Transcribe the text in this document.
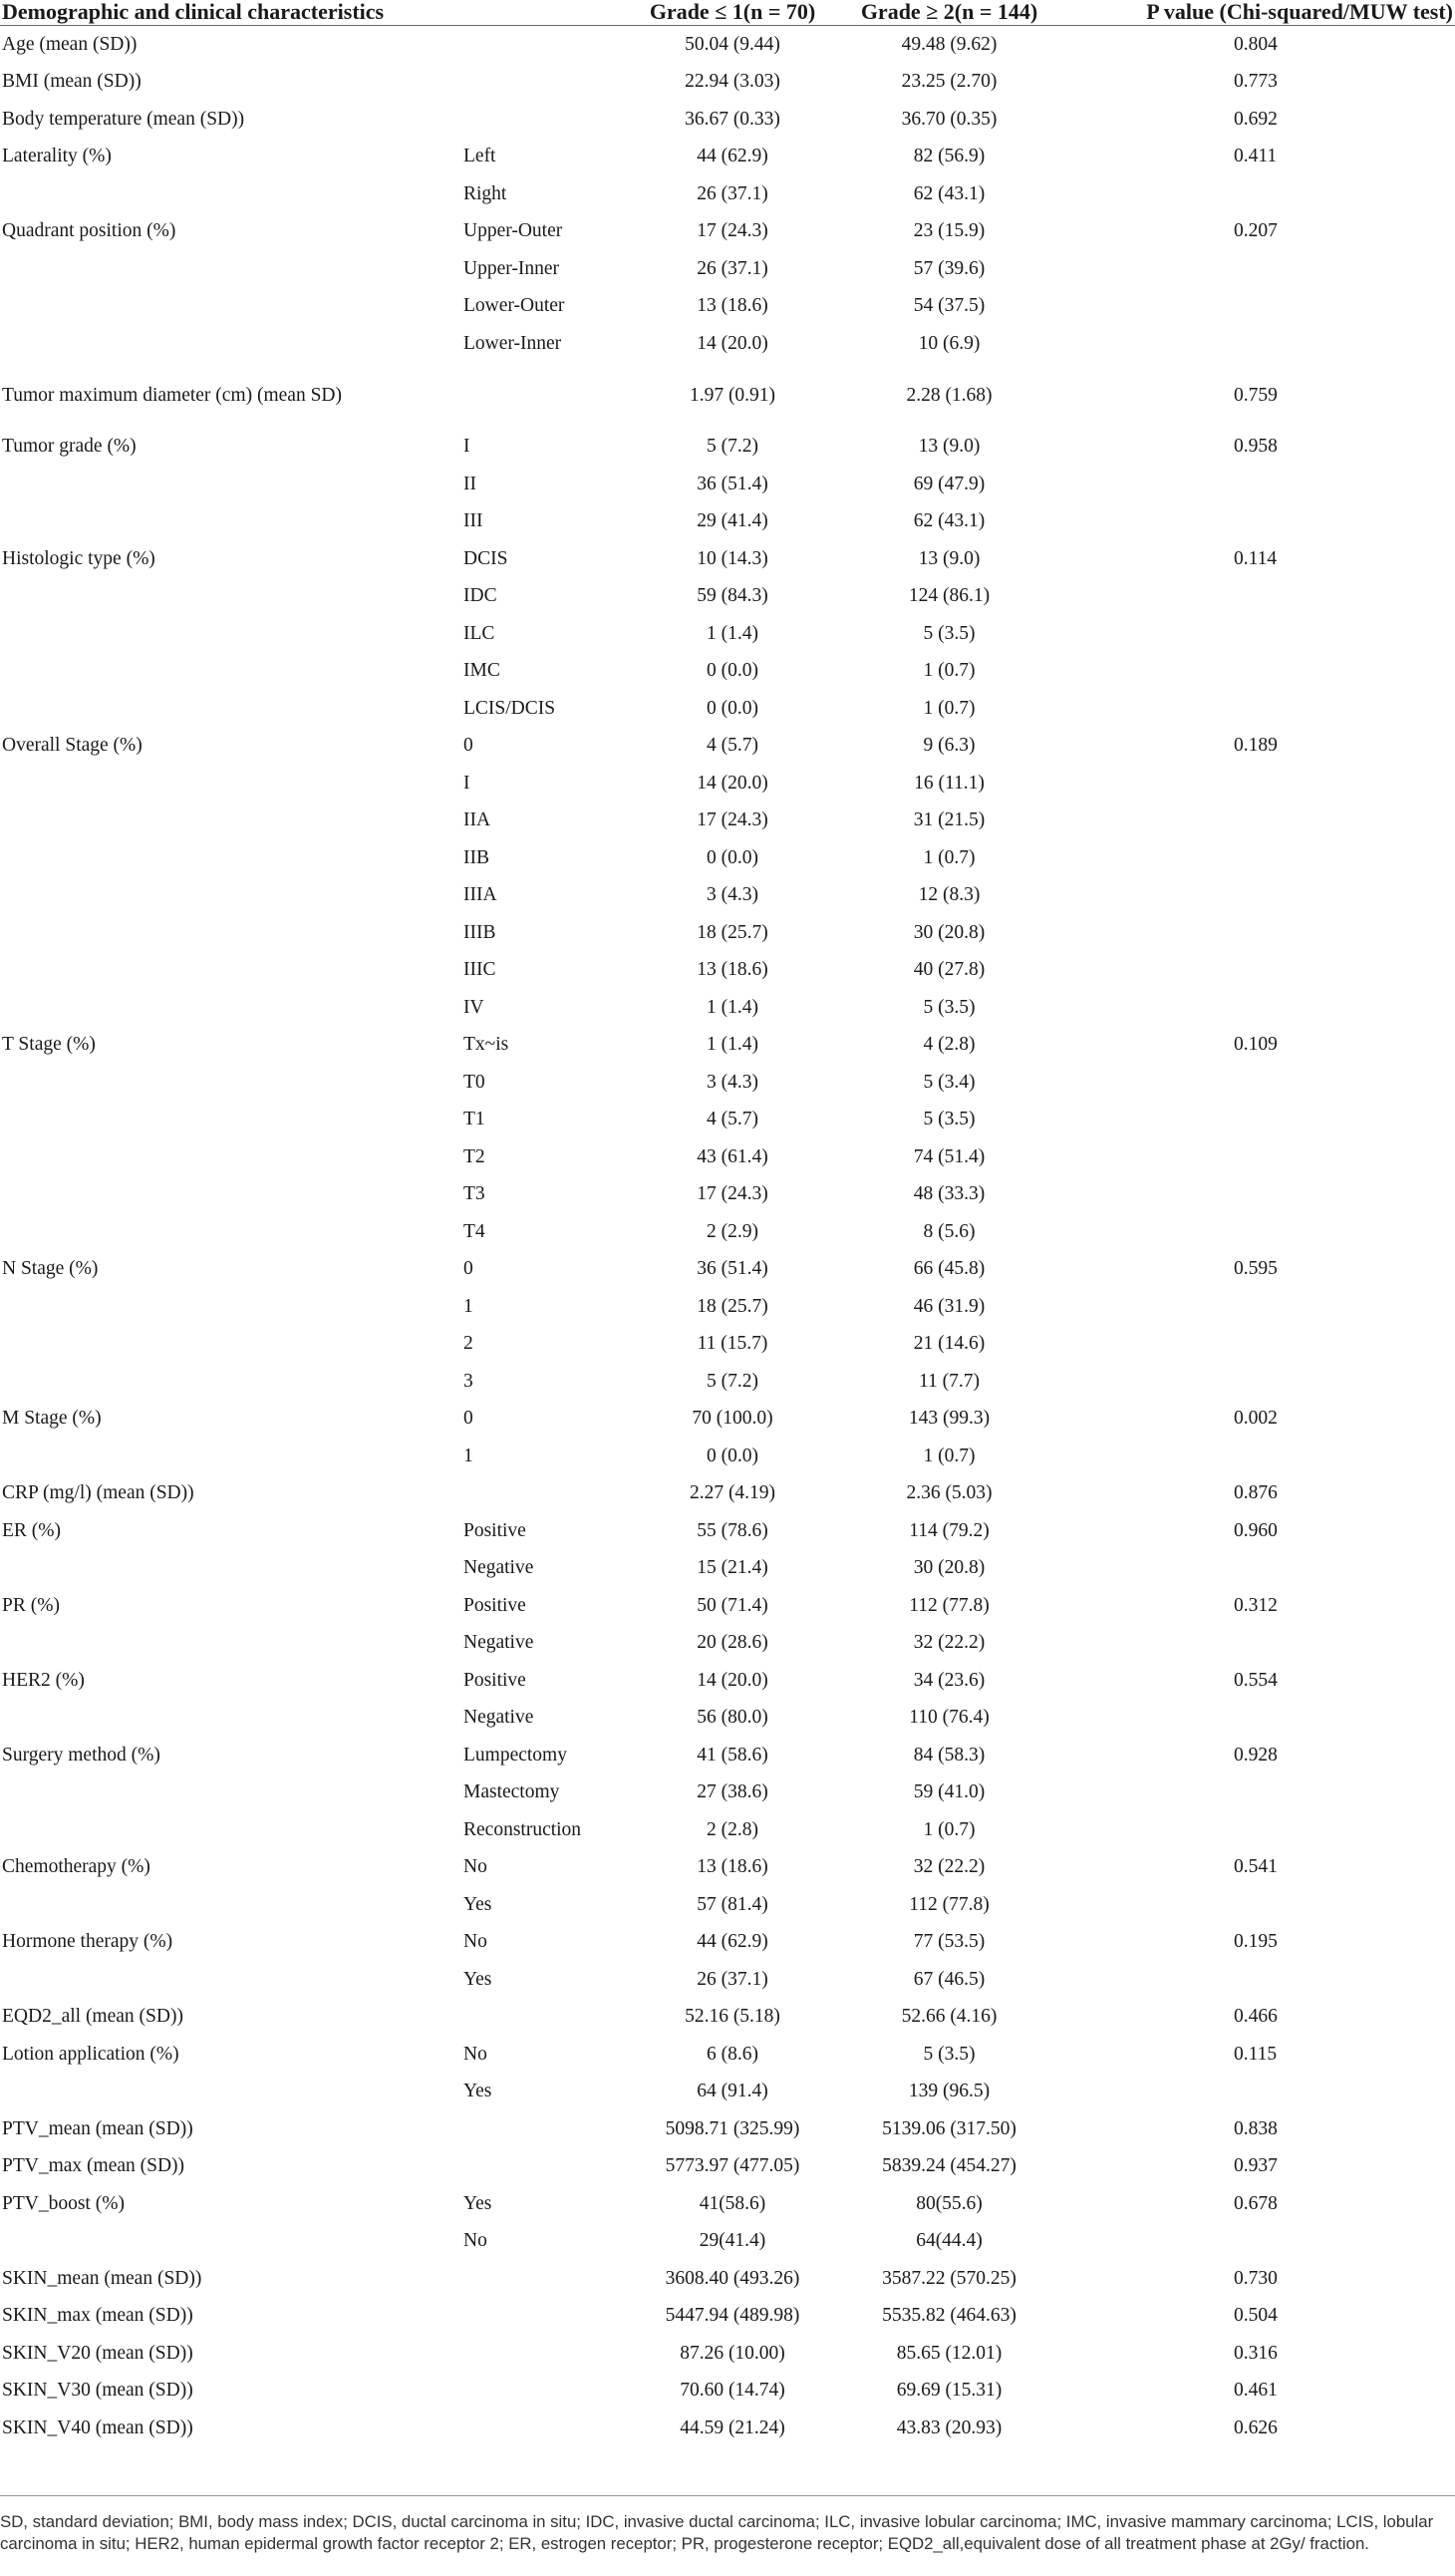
Demographic and clinical characteristics		Grade ≤ 1(n = 70)	Grade ≥ 2(n = 144)	P value (Chi-squared/MUW test)
Age (mean (SD))		50.04 (9.44)	49.48 (9.62)	0.804
BMI (mean (SD))		22.94 (3.03)	23.25 (2.70)	0.773
Body temperature (mean (SD))		36.67 (0.33)	36.70 (0.35)	0.692
Laterality (%)	Left	44 (62.9)	82 (56.9)	0.411
	Right	26 (37.1)	62 (43.1)	
Quadrant position (%)	Upper-Outer	17 (24.3)	23 (15.9)	0.207
	Upper-Inner	26 (37.1)	57 (39.6)	
	Lower-Outer	13 (18.6)	54 (37.5)	
	Lower-Inner	14 (20.0)	10 (6.9)	
Tumor maximum diameter (cm) (mean SD)		1.97 (0.91)	2.28 (1.68)	0.759
Tumor grade (%)	I	5 (7.2)	13 (9.0)	0.958
	II	36 (51.4)	69 (47.9)	
	III	29 (41.4)	62 (43.1)	
Histologic type (%)	DCIS	10 (14.3)	13 (9.0)	0.114
	IDC	59 (84.3)	124 (86.1)	
	ILC	1 (1.4)	5 (3.5)	
	IMC	0 (0.0)	1 (0.7)	
	LCIS/DCIS	0 (0.0)	1 (0.7)	
Overall Stage (%)	0	4 (5.7)	9 (6.3)	0.189
	I	14 (20.0)	16 (11.1)	
	IIA	17 (24.3)	31 (21.5)	
	IIB	0 (0.0)	1 (0.7)	
	IIIA	3 (4.3)	12 (8.3)	
	IIIB	18 (25.7)	30 (20.8)	
	IIIC	13 (18.6)	40 (27.8)	
	IV	1 (1.4)	5 (3.5)	
T Stage (%)	Tx~is	1 (1.4)	4 (2.8)	0.109
	T0	3 (4.3)	5 (3.4)	
	T1	4 (5.7)	5 (3.5)	
	T2	43 (61.4)	74 (51.4)	
	T3	17 (24.3)	48 (33.3)	
	T4	2 (2.9)	8 (5.6)	
N Stage (%)	0	36 (51.4)	66 (45.8)	0.595
	1	18 (25.7)	46 (31.9)	
	2	11 (15.7)	21 (14.6)	
	3	5 (7.2)	11 (7.7)	
M Stage (%)	0	70 (100.0)	143 (99.3)	0.002
	1	0 (0.0)	1 (0.7)	
CRP (mg/l) (mean (SD))		2.27 (4.19)	2.36 (5.03)	0.876
ER (%)	Positive	55 (78.6)	114 (79.2)	0.960
	Negative	15 (21.4)	30 (20.8)	
PR (%)	Positive	50 (71.4)	112 (77.8)	0.312
	Negative	20 (28.6)	32 (22.2)	
HER2 (%)	Positive	14 (20.0)	34 (23.6)	0.554
	Negative	56 (80.0)	110 (76.4)	
Surgery method (%)	Lumpectomy	41 (58.6)	84 (58.3)	0.928
	Mastectomy	27 (38.6)	59 (41.0)	
	Reconstruction	2 (2.8)	1 (0.7)	
Chemotherapy (%)	No	13 (18.6)	32 (22.2)	0.541
	Yes	57 (81.4)	112 (77.8)	
Hormone therapy (%)	No	44 (62.9)	77 (53.5)	0.195
	Yes	26 (37.1)	67 (46.5)	
EQD2_all (mean (SD))		52.16 (5.18)	52.66 (4.16)	0.466
Lotion application (%)	No	6 (8.6)	5 (3.5)	0.115
	Yes	64 (91.4)	139 (96.5)	
PTV_mean (mean (SD))		5098.71 (325.99)	5139.06 (317.50)	0.838
PTV_max (mean (SD))		5773.97 (477.05)	5839.24 (454.27)	0.937
PTV_boost (%)	Yes	41(58.6)	80(55.6)	0.678
	No	29(41.4)	64(44.4)	
SKIN_mean (mean (SD))		3608.40 (493.26)	3587.22 (570.25)	0.730
SKIN_max (mean (SD))		5447.94 (489.98)	5535.82 (464.63)	0.504
SKIN_V20 (mean (SD))		87.26 (10.00)	85.65 (12.01)	0.316
SKIN_V30 (mean (SD))		70.60 (14.74)	69.69 (15.31)	0.461
SKIN_V40 (mean (SD))		44.59 (21.24)	43.83 (20.93)	0.626
SD, standard deviation; BMI, body mass index; DCIS, ductal carcinoma in situ; IDC, invasive ductal carcinoma; ILC, invasive lobular carcinoma; IMC, invasive mammary carcinoma; LCIS, lobular carcinoma in situ; HER2, human epidermal growth factor receptor 2; ER, estrogen receptor; PR, progesterone receptor; EQD2_all,equivalent dose of all treatment phase at 2Gy/ fraction.
